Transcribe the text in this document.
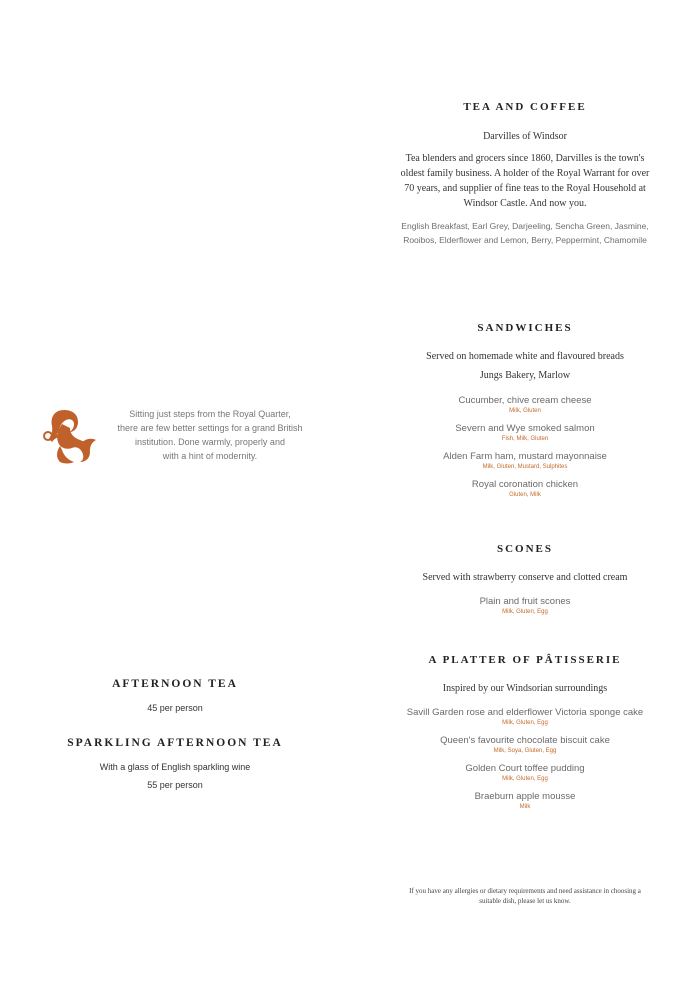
TEA AND COFFEE
Darvilles of Windsor
Tea blenders and grocers since 1860, Darvilles is the town's
oldest family business. A holder of the Royal Warrant for over
70 years, and supplier of fine teas to the Royal Household at
Windsor Castle. And now you.
English Breakfast, Earl Grey, Darjeeling, Sencha Green, Jasmine,
Rooibos, Elderflower and Lemon, Berry, Peppermint, Chamomile
Sitting just steps from the Royal Quarter,
there are few better settings for a grand British
institution. Done warmly, properly and
with a hint of modernity.
SANDWICHES
Served on homemade white and flavoured breads
Jungs Bakery, Marlow
Cucumber, chive cream cheese
Milk, Gluten
Severn and Wye smoked salmon
Fish, Milk, Gluten
Alden Farm ham, mustard mayonnaise
Milk, Gluten, Mustard, Sulphites
Royal coronation chicken
Gluten, Milk
SCONES
Served with strawberry conserve and clotted cream
Plain and fruit scones
Milk, Gluten, Egg
A PLATTER OF PÂTISSERIE
Inspired by our Windsorian surroundings
Savill Garden rose and elderflower Victoria sponge cake
Milk, Gluten, Egg
Queen's favourite chocolate biscuit cake
Milk, Soya, Gluten, Egg
Golden Court toffee pudding
Milk, Gluten, Egg
Braeburn apple mousse
Milk
AFTERNOON TEA
45 per person
SPARKLING AFTERNOON TEA
With a glass of English sparkling wine
55 per person
If you have any allergies or dietary requirements and need assistance in choosing a
suitable dish, please let us know.
